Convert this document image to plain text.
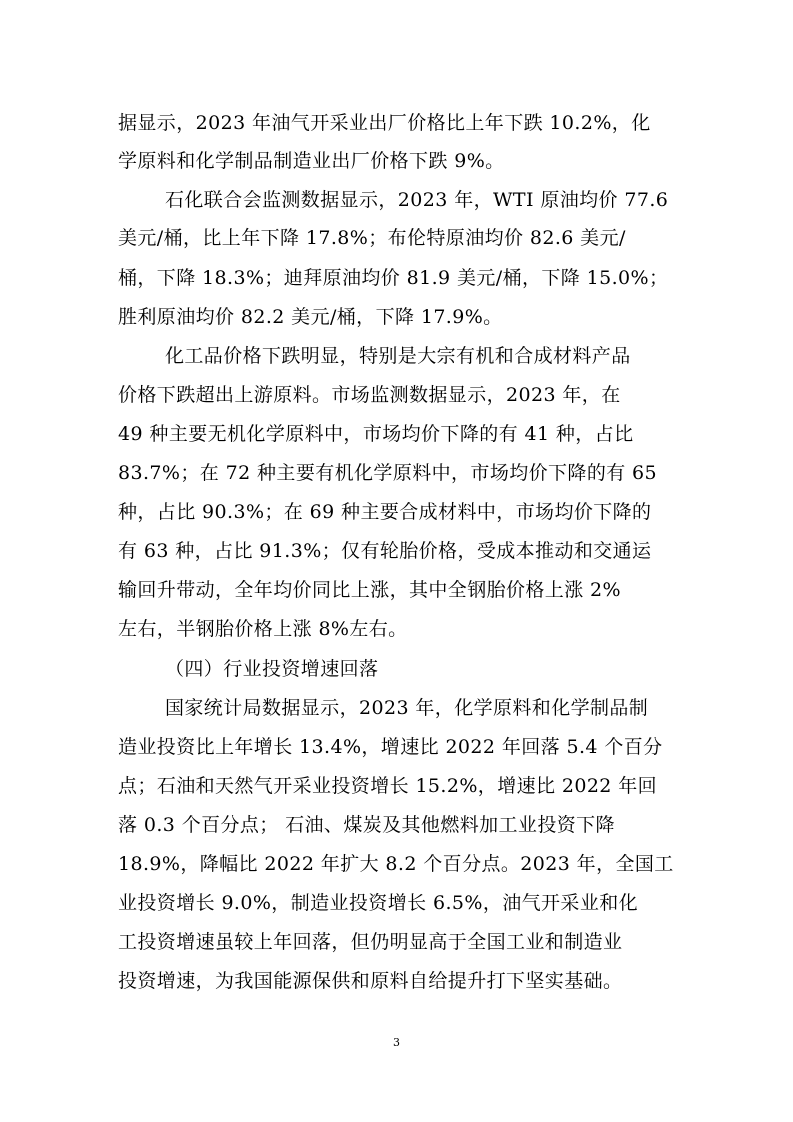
据显示，2023 年油气开采业出厂价格比上年下跌 10.2%，化
学原料和化学制品制造业出厂价格下跌 9%。
石化联合会监测数据显示，2023 年，WTI 原油均价 77.6
美元/桶，比上年下降 17.8%；布伦特原油均价 82.6 美元/
桶，下降 18.3%；迪拜原油均价 81.9 美元/桶，下降 15.0%；
胜利原油均价 82.2 美元/桶，下降 17.9%。
化工品价格下跌明显，特别是大宗有机和合成材料产品
价格下跌超出上游原料。市场监测数据显示，2023 年，在
49 种主要无机化学原料中，市场均价下降的有 41 种，占比
83.7%；在 72 种主要有机化学原料中，市场均价下降的有 65
种，占比 90.3%；在 69 种主要合成材料中，市场均价下降的
有 63 种，占比 91.3%；仅有轮胎价格，受成本推动和交通运
输回升带动，全年均价同比上涨，其中全钢胎价格上涨 2%
左右，半钢胎价格上涨 8%左右。
（四）行业投资增速回落
国家统计局数据显示，2023 年，化学原料和化学制品制
造业投资比上年增长 13.4%，增速比 2022 年回落 5.4 个百分
点；石油和天然气开采业投资增长 15.2%，增速比 2022 年回
落 0.3 个百分点； 石油、煤炭及其他燃料加工业投资下降
18.9%，降幅比 2022 年扩大 8.2 个百分点。2023 年，全国工
业投资增长 9.0%，制造业投资增长 6.5%，油气开采业和化
工投资增速虽较上年回落，但仍明显高于全国工业和制造业
投资增速，为我国能源保供和原料自给提升打下坚实基础。
3
